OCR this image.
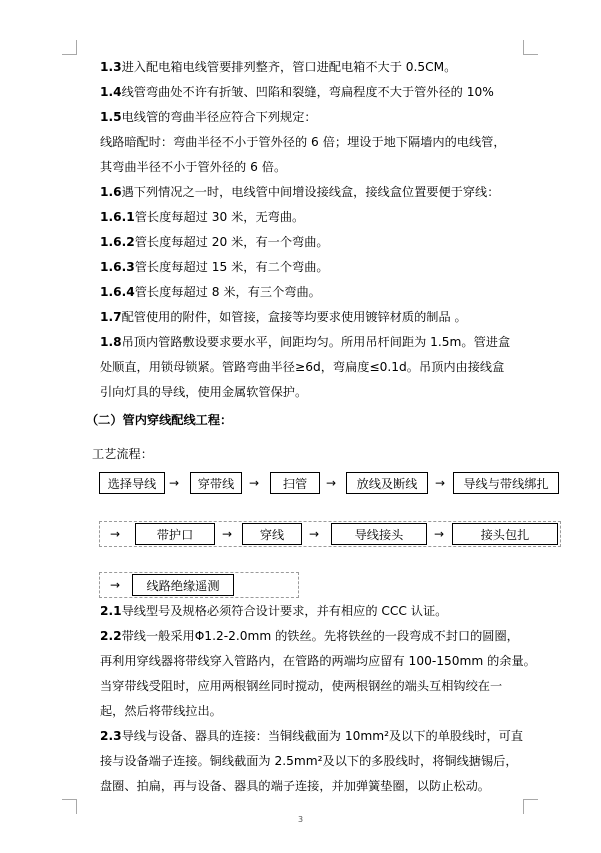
1.3进入配电箱电线管要排列整齐，管口进配电箱不大于 0.5CM。
1.4线管弯曲处不许有折皱、凹陷和裂缝，弯扁程度不大于管外径的 10%
1.5电线管的弯曲半径应符合下列规定：
线路暗配时：弯曲半径不小于管外径的 6 倍；埋设于地下隔墙内的电线管，
其弯曲半径不小于管外径的 6 倍。
1.6遇下列情况之一时，电线管中间增设接线盒，接线盒位置要便于穿线：
1.6.1管长度每超过 30 米，无弯曲。
1.6.2管长度每超过 20 米，有一个弯曲。
1.6.3管长度每超过 15 米，有二个弯曲。
1.6.4管长度每超过 8 米，有三个弯曲。
1.7配管使用的附件，如管接，盒接等均要求使用镀锌材质的制品 。
1.8吊顶内管路敷设要求要水平，间距均匀。所用吊杆间距为 1.5m。管进盒
处顺直，用锁母锁紧。管路弯曲半径≥6d，弯扁度≤0.1d。吊顶内由接线盒
引向灯具的导线，使用金属软管保护。
（二）管内穿线配线工程：
工艺流程：
选择导线	→	穿带线	→	扫管	→	放线及断线	→	导线与带线绑扎
→	带护口	→	穿线	→	导线接头	→	接头包扎
→	线路绝缘遥测
2.1导线型号及规格必须符合设计要求，并有相应的 CCC 认证。
2.2带线一般采用Φ1.2-2.0mm 的铁丝。先将铁丝的一段弯成不封口的圆圈，
再利用穿线器将带线穿入管路内，在管路的两端均应留有 100-150mm 的余量。
当穿带线受阻时，应用两根钢丝同时搅动，使两根钢丝的端头互相钩绞在一
起，然后将带线拉出。
2.3导线与设备、器具的连接：当铜线截面为 10mm²及以下的单股线时，可直
接与设备端子连接。铜线截面为 2.5mm²及以下的多股线时，将铜线搪锡后，
盘圈、拍扁，再与设备、器具的端子连接，并加弹簧垫圈，以防止松动。
3
